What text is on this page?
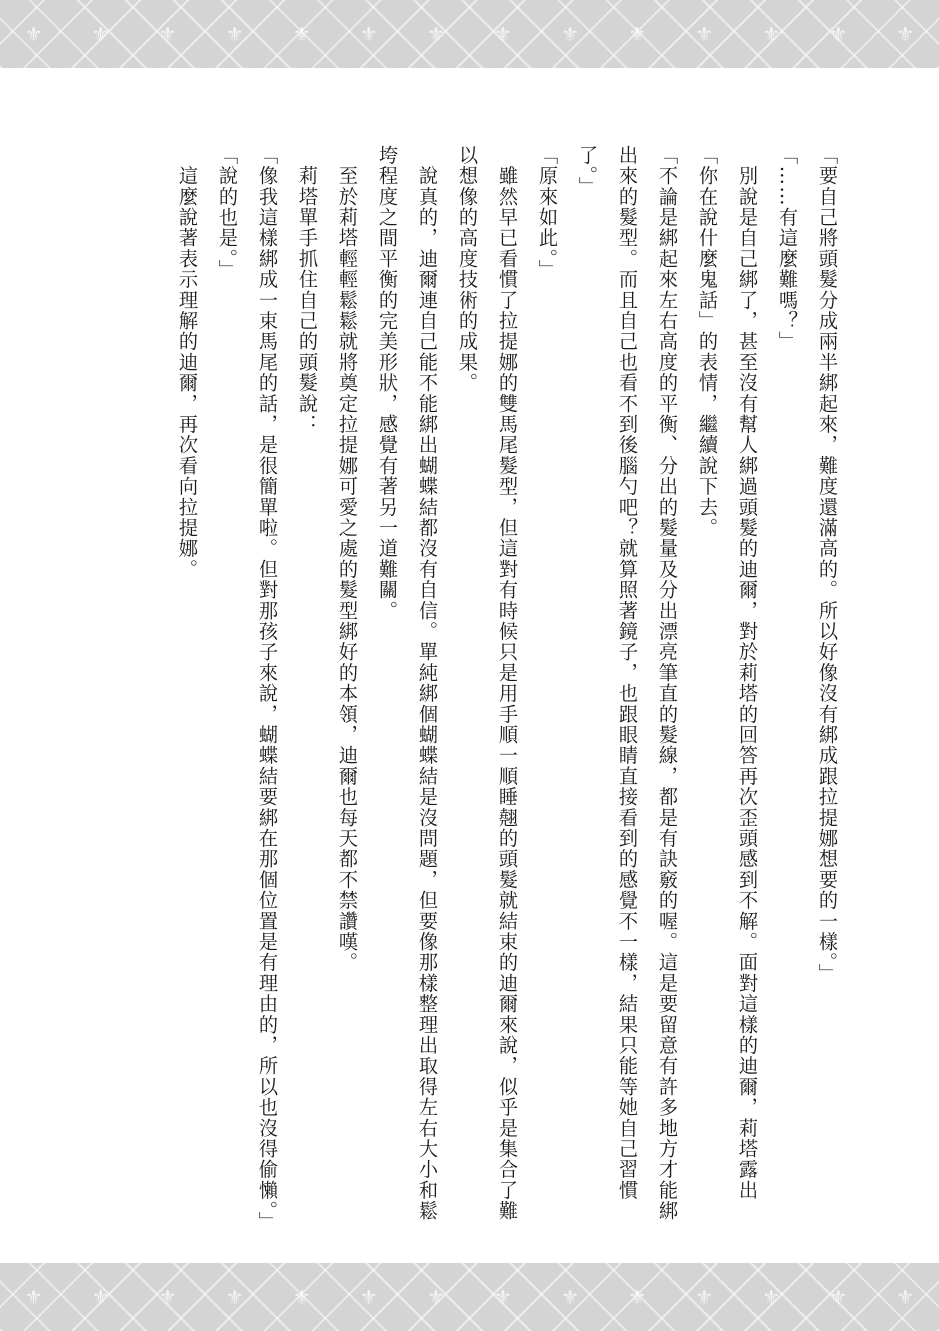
⚜ ⚜ ⚜ ⚜ ⚜ ⚜ ⚜ ⚜ ⚜ ⚜ ⚜ ⚜ ⚜ ⚜

「要自己將頭髮分成兩半綁起來，難度還滿高的。所以好像沒有綁成跟拉提娜想要的一樣。」

「……有這麼難嗎？」

　別說是自己綁了，甚至沒有幫人綁過頭髮的迪爾，對於莉塔的回答再次歪頭感到不解。面對這樣的迪爾，莉塔露出「你在說什麼鬼話」的表情，繼續說下去。

「不論是綁起來左右高度的平衡、分出的髮量及分出漂亮筆直的髮線，都是有訣竅的喔。這是要留意有許多地方才能綁出來的髮型。而且自己也看不到後腦勺吧？就算照著鏡子，也跟眼睛直接看到的感覺不一樣，結果只能等她自己習慣了。」

「原來如此。」

　雖然早已看慣了拉提娜的雙馬尾髮型，但這對有時候只是用手順一順睡翹的頭髮就結束的迪爾來說，似乎是集合了難以想像的高度技術的成果。

　說真的，迪爾連自己能不能綁出蝴蝶結都沒有自信。單純綁個蝴蝶結是沒問題，但要像那樣整理出取得左右大小和鬆垮程度之間平衡的完美形狀，感覺有著另一道難關。

　至於莉塔輕輕鬆鬆就將奠定拉提娜可愛之處的髮型綁好的本領，迪爾也每天都不禁讚嘆。

　莉塔單手抓住自己的頭髮說：

「像我這樣綁成一束馬尾的話，是很簡單啦。但對那孩子來說，蝴蝶結要綁在那個位置是有理由的，所以也沒得偷懶。」

「說的也是。」

　這麼說著表示理解的迪爾，再次看向拉提娜。

⚜ ⚜ ⚜ ⚜ ⚜ ⚜ ⚜ ⚜ ⚜ ⚜ ⚜ ⚜ ⚜ ⚜
